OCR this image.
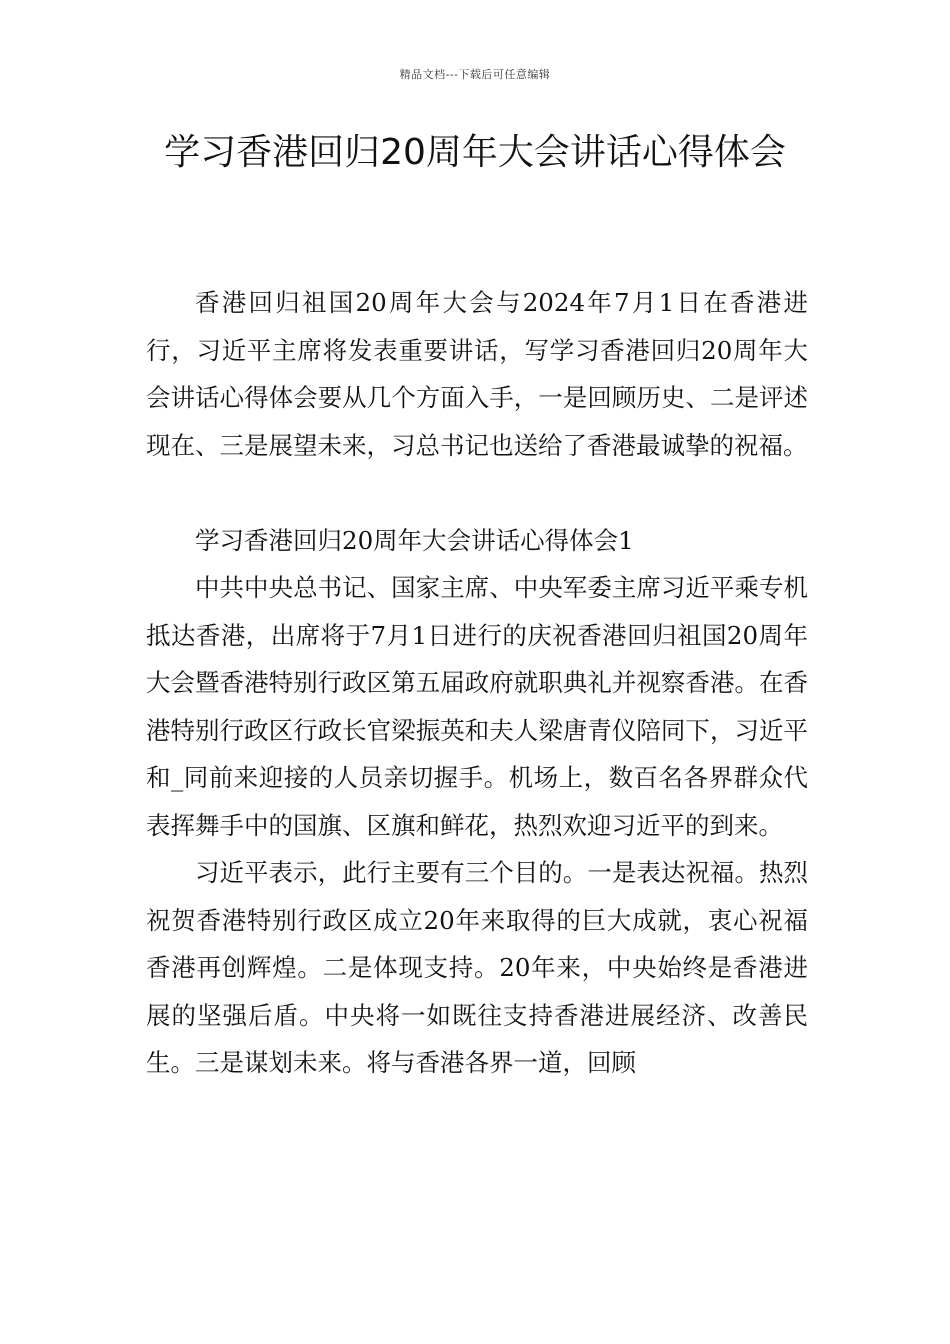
精品文档---下载后可任意编辑
学习香港回归20周年大会讲话心得体会

香港回归祖国20周年大会与2024年7月1日在香港进行，习近平主席将发表重要讲话，写学习香港回归20周年大会讲话心得体会要从几个方面入手，一是回顾历史、二是评述现在、三是展望未来，习总书记也送给了香港最诚挚的祝福。

学习香港回归20周年大会讲话心得体会1

中共中央总书记、国家主席、中央军委主席习近平乘专机抵达香港，出席将于7月1日进行的庆祝香港回归祖国20周年大会暨香港特别行政区第五届政府就职典礼并视察香港。在香港特别行政区行政长官梁振英和夫人梁唐青仪陪同下，习近平和_同前来迎接的人员亲切握手。机场上，数百名各界群众代表挥舞手中的国旗、区旗和鲜花，热烈欢迎习近平的到来。

习近平表示，此行主要有三个目的。一是表达祝福。热烈祝贺香港特别行政区成立20年来取得的巨大成就，衷心祝福香港再创辉煌。二是体现支持。20年来，中央始终是香港进展的坚强后盾。中央将一如既往支持香港进展经济、改善民生。三是谋划未来。将与香港各界一道，回顾
